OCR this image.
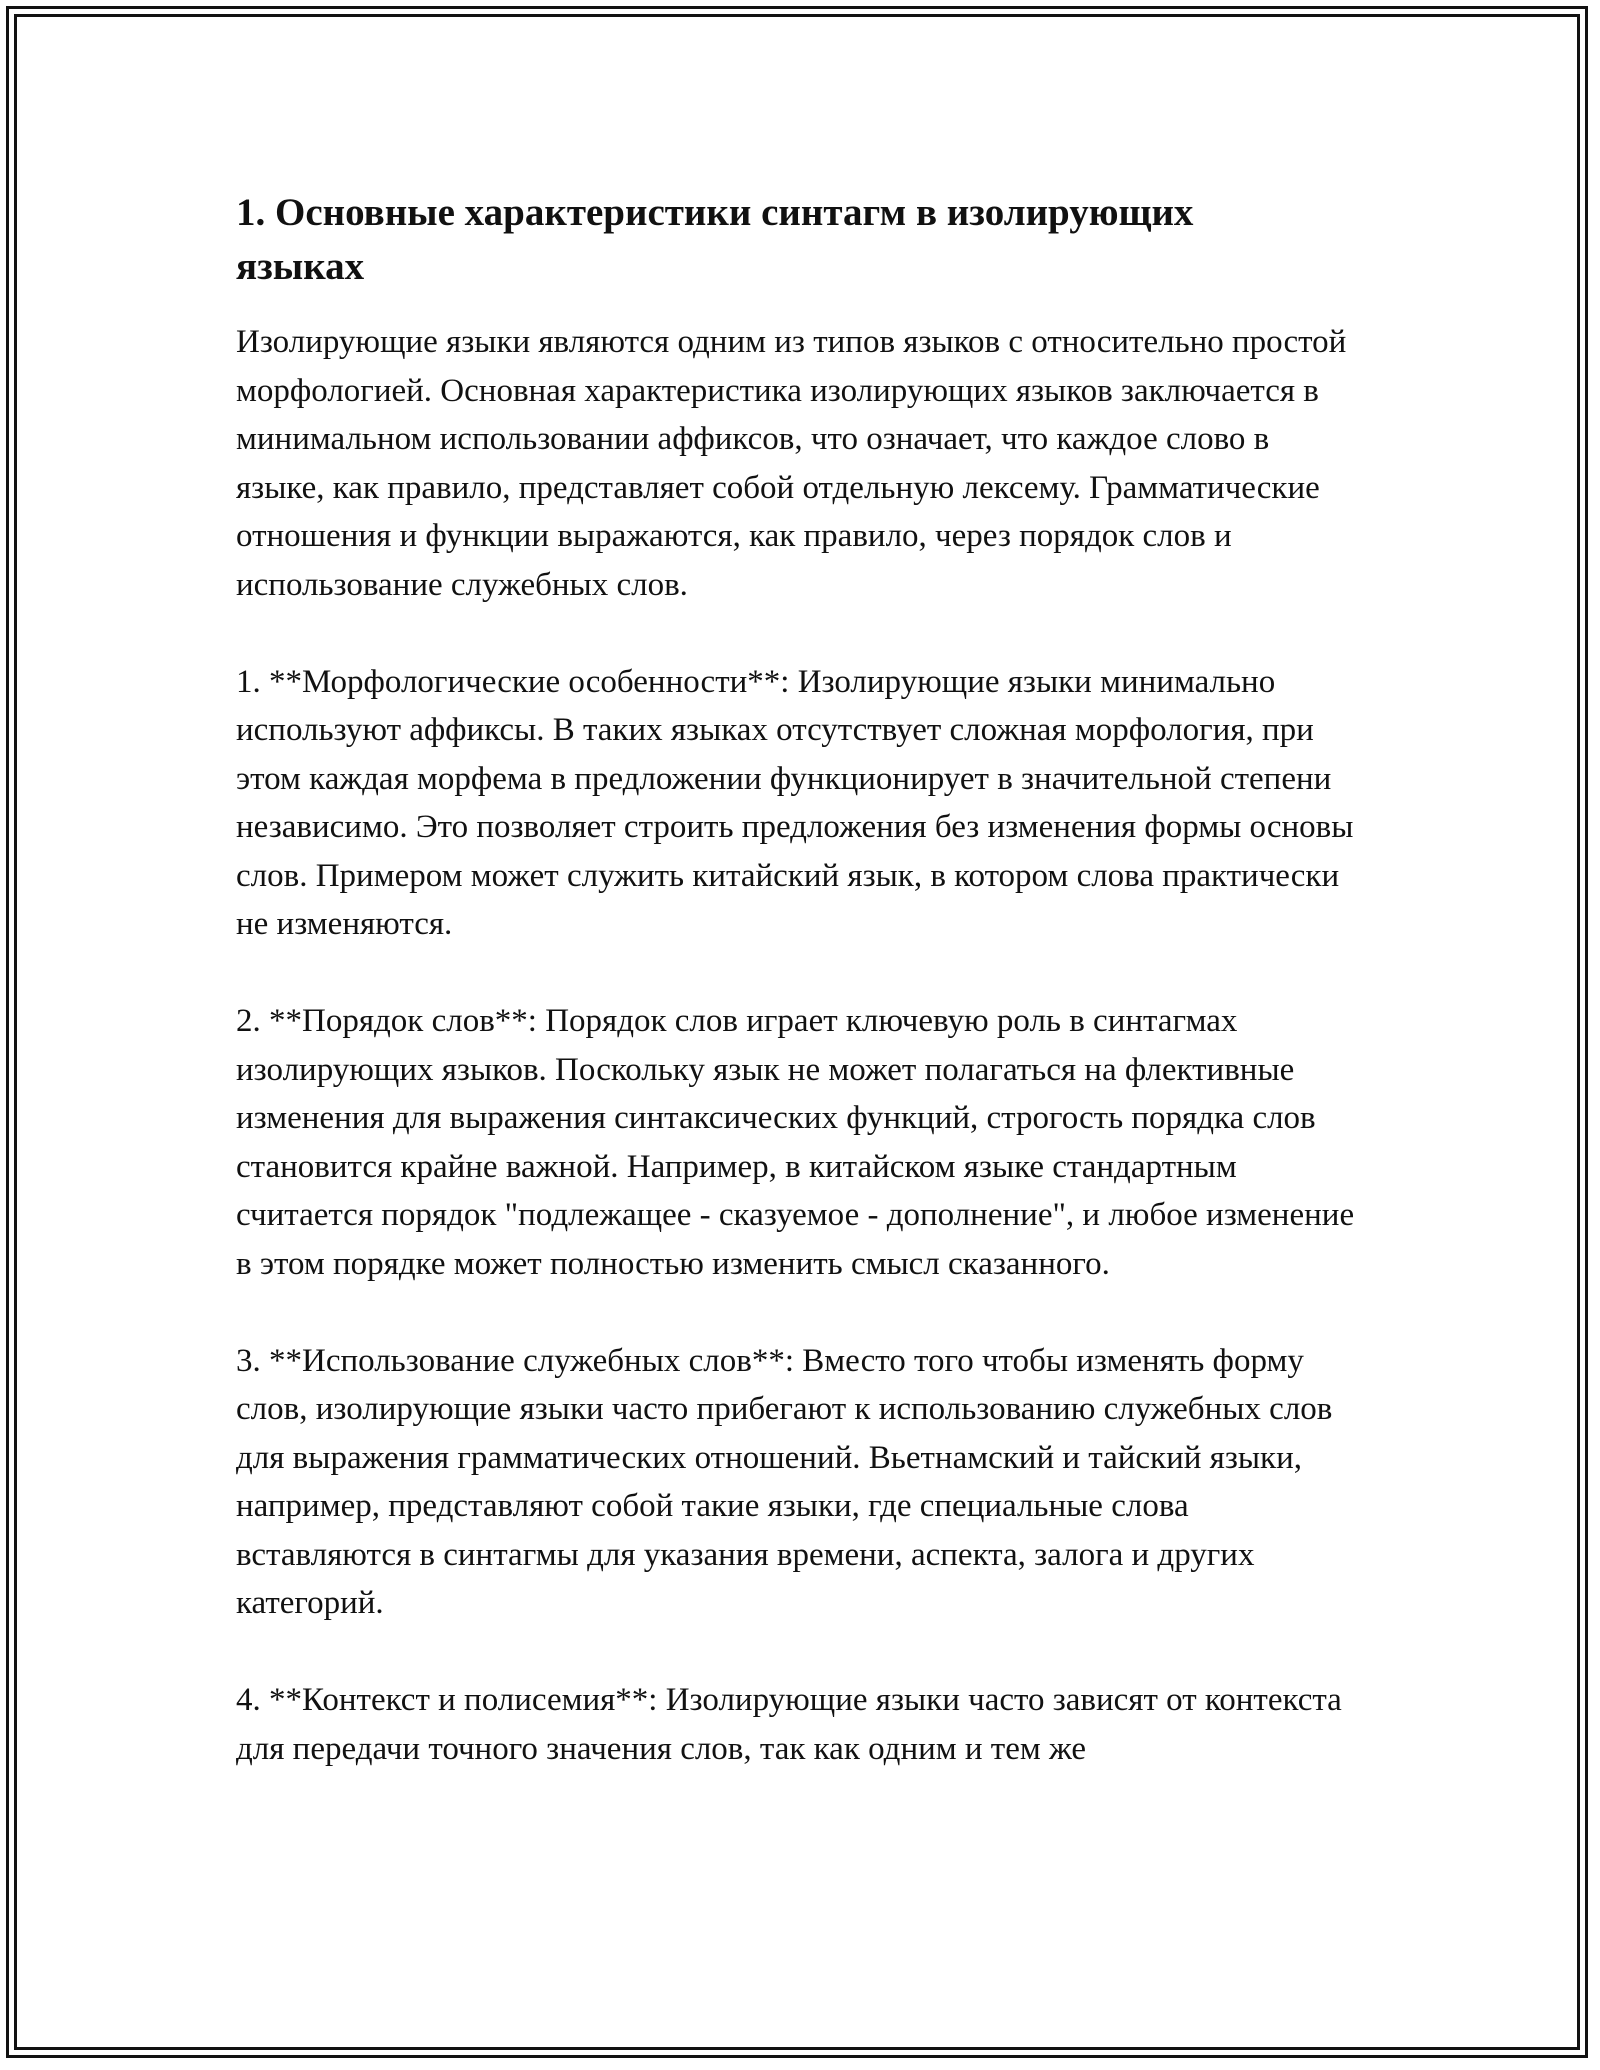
1. Основные характеристики синтагм в изолирующих языках

Изолирующие языки являются одним из типов языков с относительно простой морфологией. Основная характеристика изолирующих языков заключается в минимальном использовании аффиксов, что означает, что каждое слово в языке, как правило, представляет собой отдельную лексему. Грамматические отношения и функции выражаются, как правило, через порядок слов и использование служебных слов.

1. **Морфологические особенности**: Изолирующие языки минимально используют аффиксы. В таких языках отсутствует сложная морфология, при этом каждая морфема в предложении функционирует в значительной степени независимо. Это позволяет строить предложения без изменения формы основы слов. Примером может служить китайский язык, в котором слова практически не изменяются.

2. **Порядок слов**: Порядок слов играет ключевую роль в синтагмах изолирующих языков. Поскольку язык не может полагаться на флективные изменения для выражения синтаксических функций, строгость порядка слов становится крайне важной. Например, в китайском языке стандартным считается порядок "подлежащее - сказуемое - дополнение", и любое изменение в этом порядке может полностью изменить смысл сказанного.

3. **Использование служебных слов**: Вместо того чтобы изменять форму слов, изолирующие языки часто прибегают к использованию служебных слов для выражения грамматических отношений. Вьетнамский и тайский языки, например, представляют собой такие языки, где специальные слова вставляются в синтагмы для указания времени, аспекта, залога и других категорий.

4. **Контекст и полисемия**: Изолирующие языки часто зависят от контекста для передачи точного значения слов, так как одним и тем же
